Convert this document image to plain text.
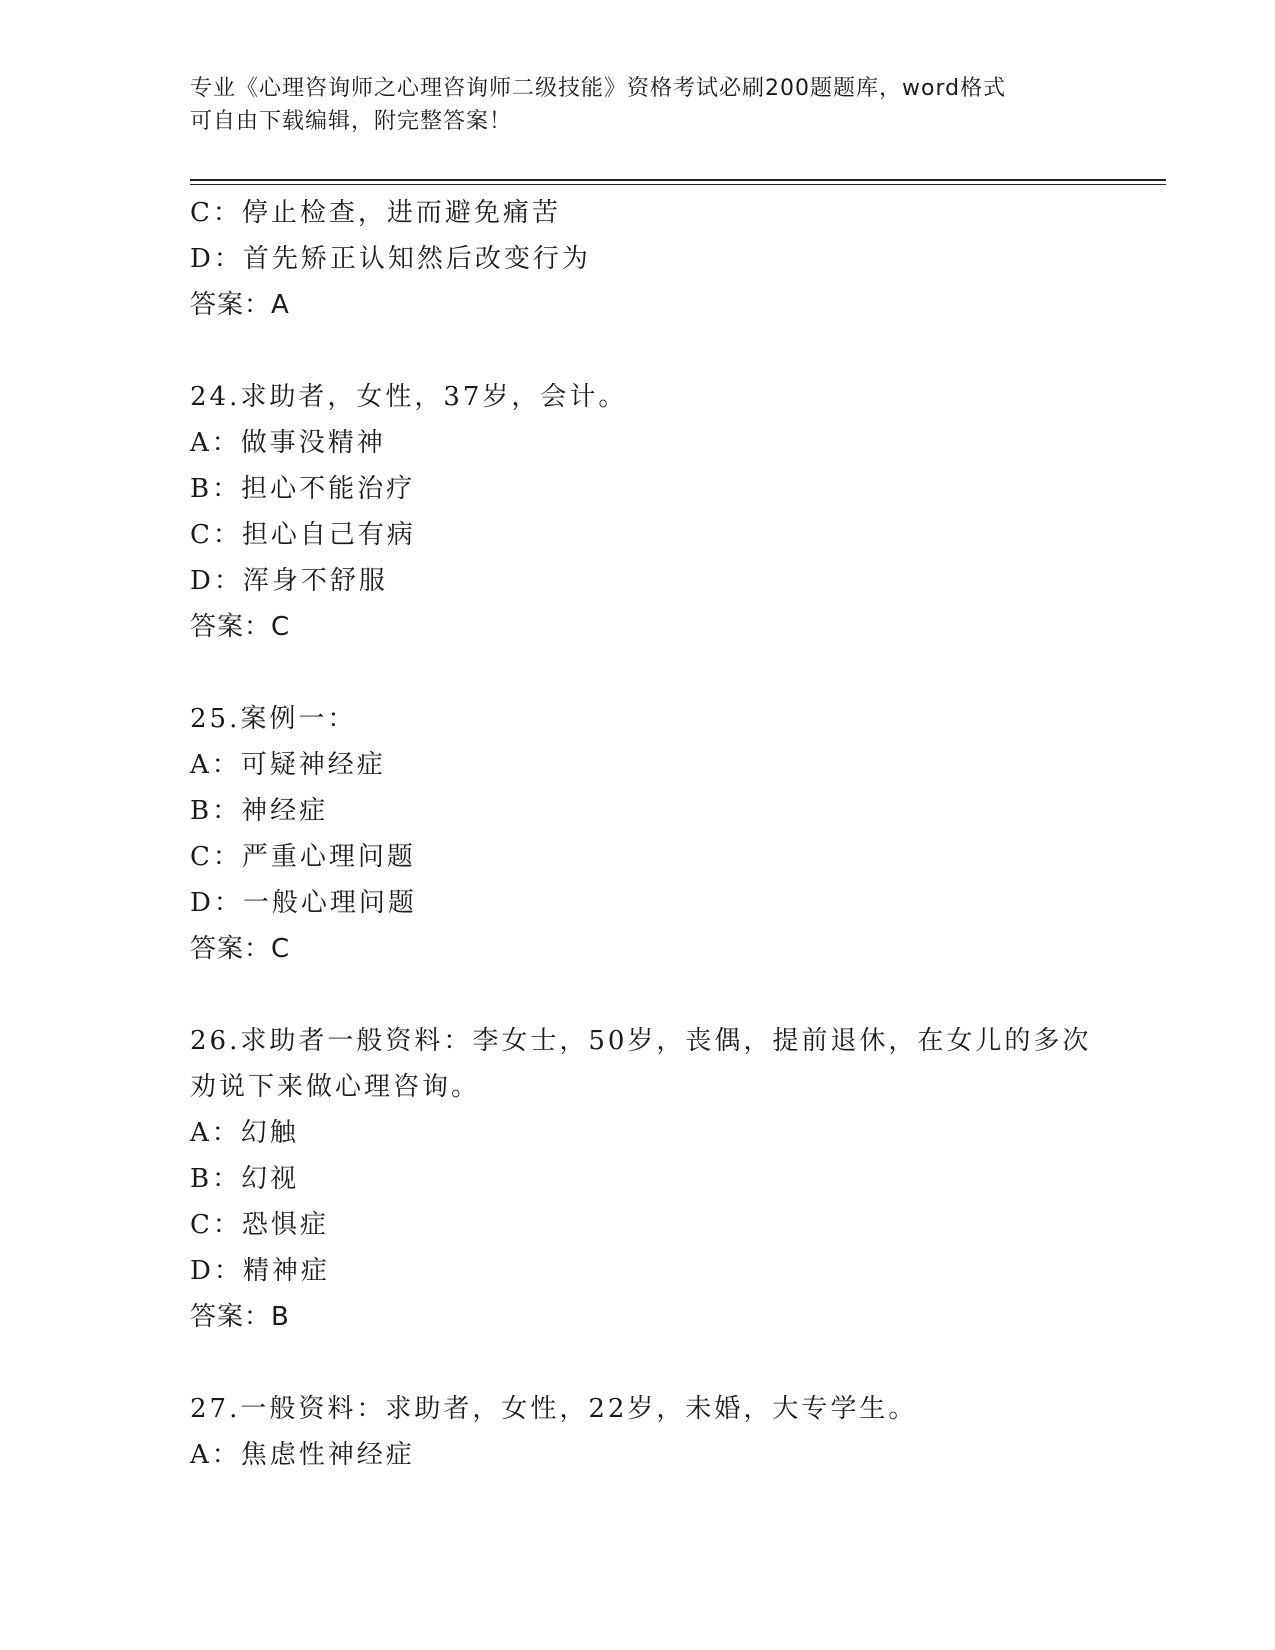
专业《心理咨询师之心理咨询师二级技能》资格考试必刷200题题库，word格式
可自由下载编辑，附完整答案！
C：停止检查，进而避免痛苦
D：首先矫正认知然后改变行为
答案：A
24.求助者，女性，37岁，会计。
A：做事没精神
B：担心不能治疗
C：担心自己有病
D：浑身不舒服
答案：C
25.案例一：
A：可疑神经症
B：神经症
C：严重心理问题
D：一般心理问题
答案：C
26.求助者一般资料：李女士，50岁，丧偶，提前退休，在女儿的多次
劝说下来做心理咨询。
A：幻触
B：幻视
C：恐惧症
D：精神症
答案：B
27.一般资料：求助者，女性，22岁，未婚，大专学生。
A：焦虑性神经症
